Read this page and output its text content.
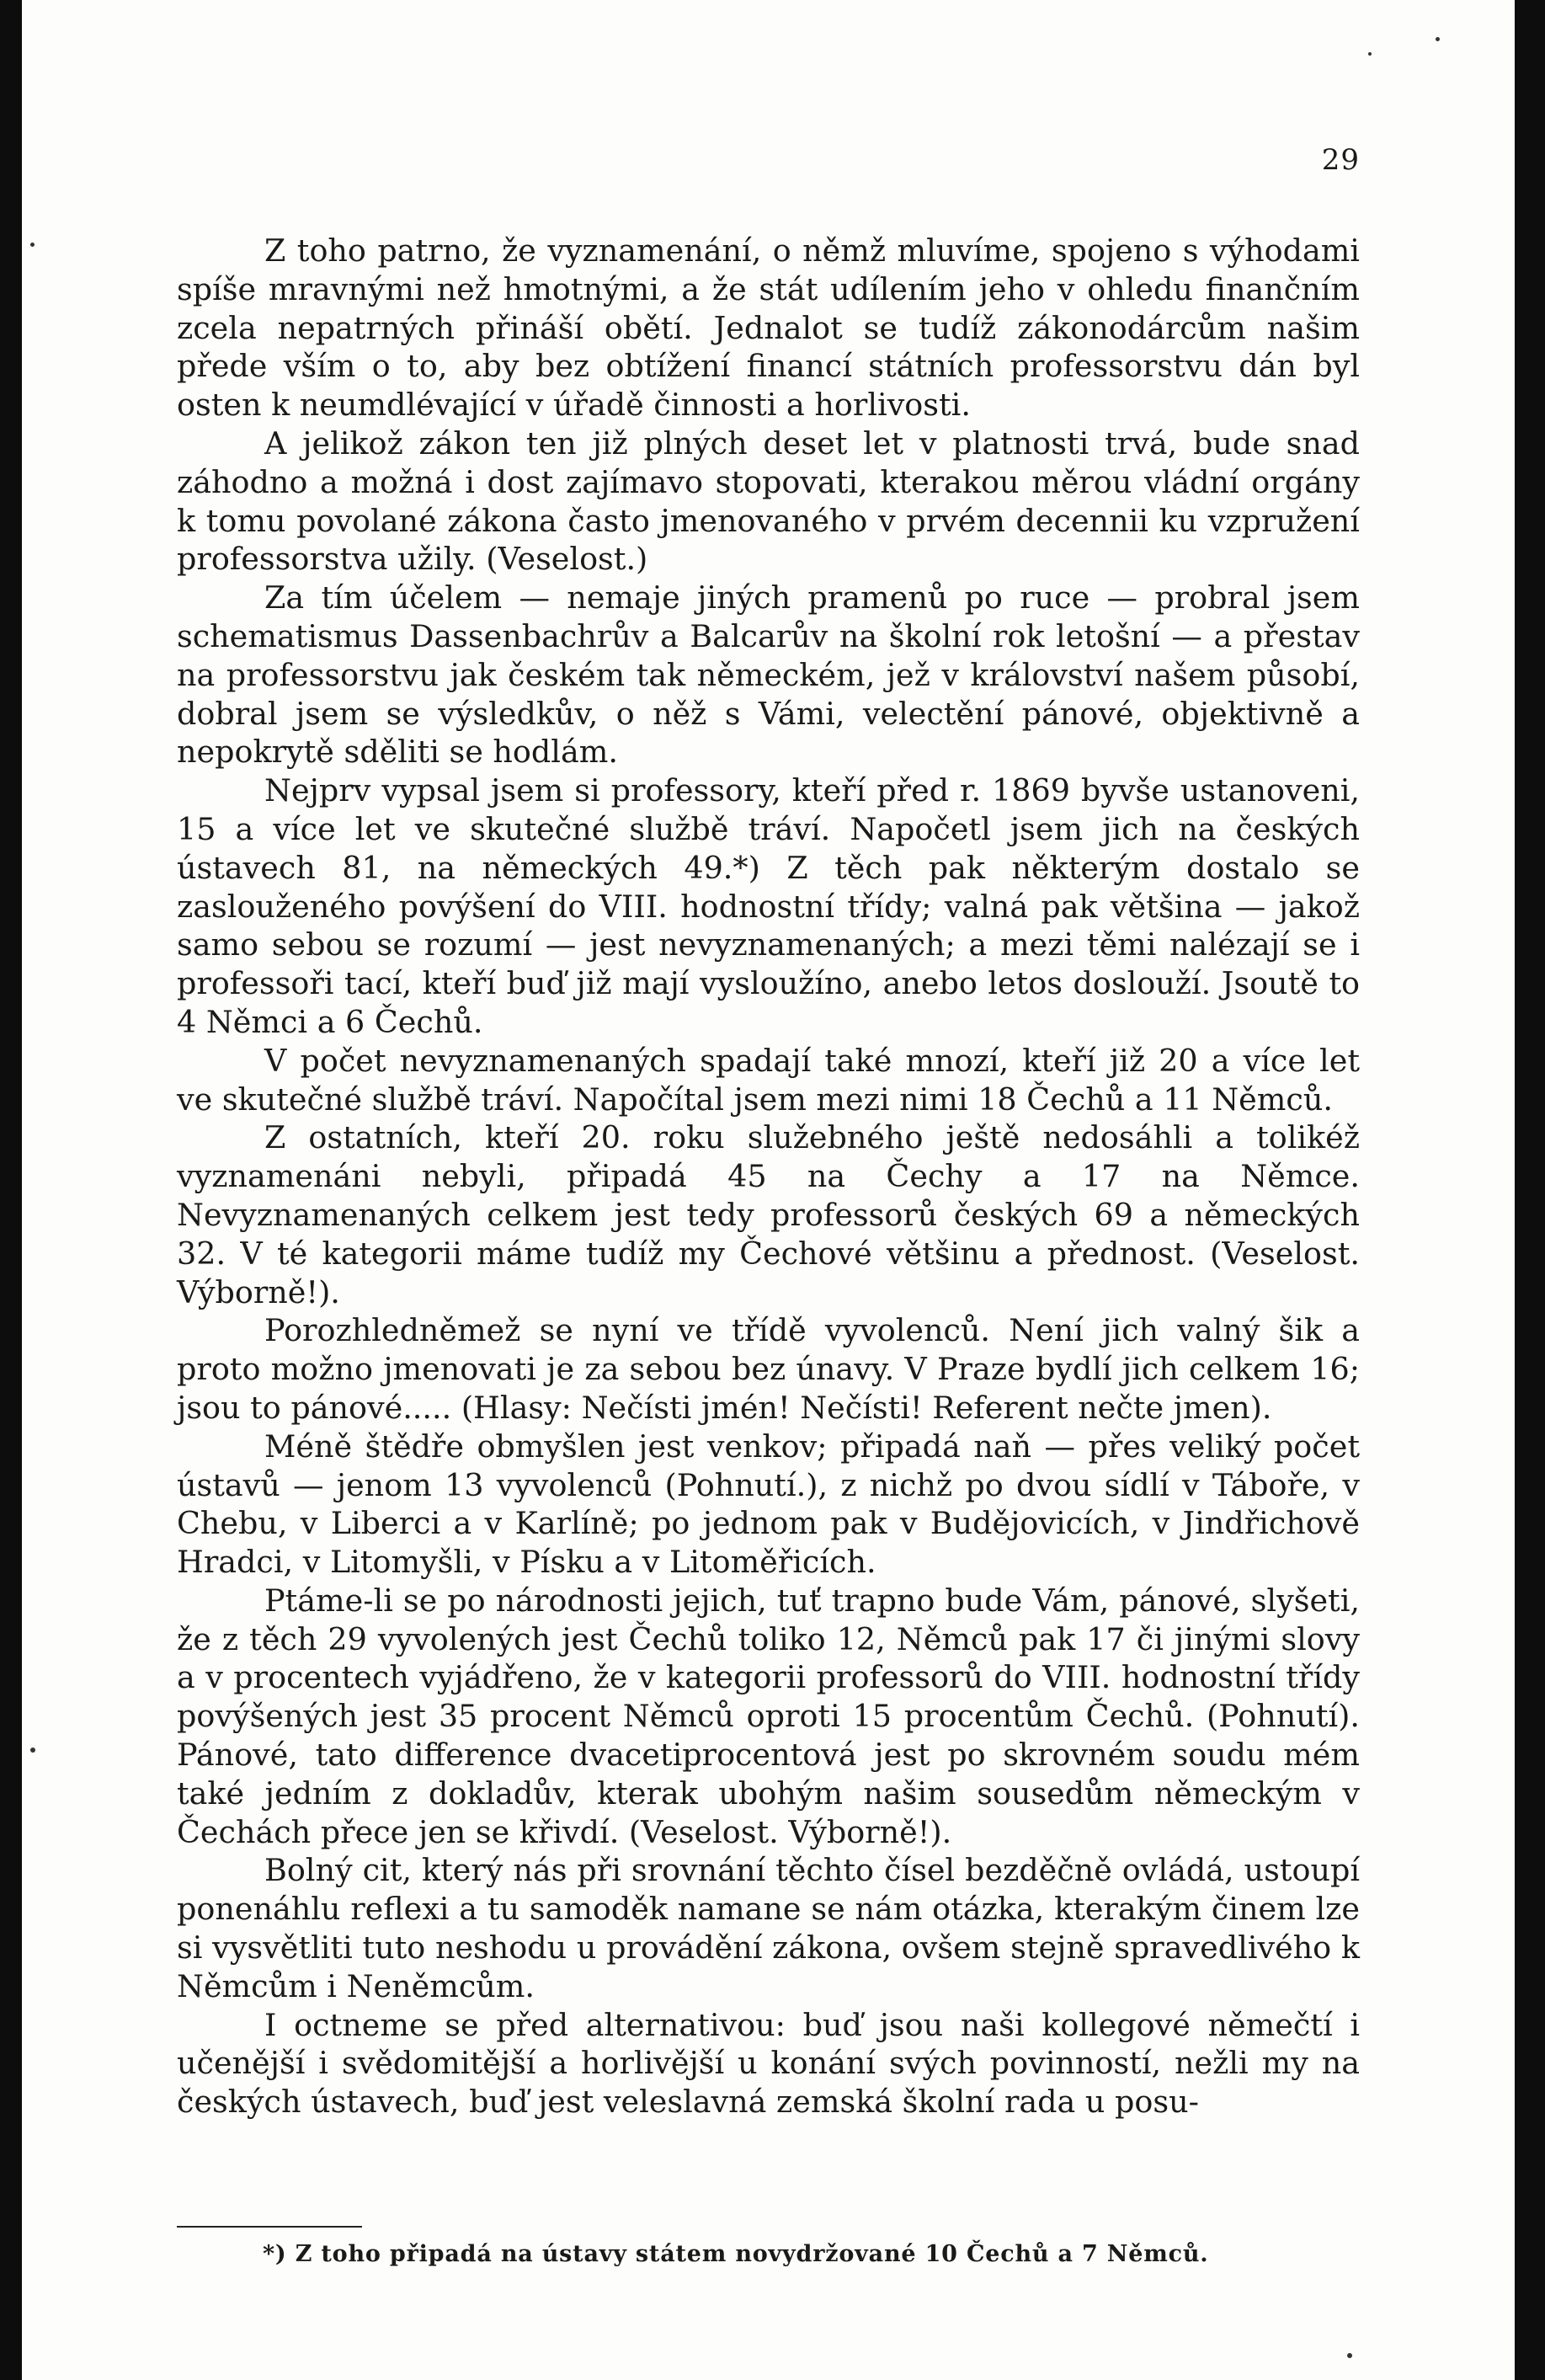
29

Z toho patrno, že vyznamenání, o němž mluvíme, spojeno s výhodami spíše mravnými než hmotnými, a že stát udílením jeho v ohledu finančním zcela nepatrných přináší obětí. Jednalot se tudíž zákonodárcům našim přede vším o to, aby bez obtížení financí státních professorstvu dán byl osten k neumdlévající v úřadě činnosti a horlivosti.

A jelikož zákon ten již plných deset let v platnosti trvá, bude snad záhodno a možná i dost zajímavo stopovati, kterakou měrou vládní orgány k tomu povolané zákona často jmenovaného v prvém decennii ku vzpružení professorstva užily. (Veselost.)

Za tím účelem — nemaje jiných pramenů po ruce — probral jsem schematismus Dassenbachrův a Balcarův na školní rok letošní — a přestav na professorstvu jak českém tak německém, jež v království našem působí, dobral jsem se výsledkův, o něž s Vámi, velectění pánové, objektivně a nepokrytě sděliti se hodlám.

Nejprv vypsal jsem si professory, kteří před r. 1869 byvše ustanoveni, 15 a více let ve skutečné službě tráví. Napočetl jsem jich na českých ústavech 81, na německých 49.*) Z těch pak některým dostalo se zaslouženého povýšení do VIII. hodnostní třídy; valná pak většina — jakož samo sebou se rozumí — jest nevyznamenaných; a mezi těmi nalézají se i professoři tací, kteří buď již mají vysloužíno, anebo letos doslouží. Jsoutě to 4 Němci a 6 Čechů.

V počet nevyznamenaných spadají také mnozí, kteří již 20 a více let ve skutečné službě tráví. Napočítal jsem mezi nimi 18 Čechů a 11 Němců.

Z ostatních, kteří 20. roku služebného ještě nedosáhli a tolikéž vyznamenáni nebyli, připadá 45 na Čechy a 17 na Němce. Nevyznamenaných celkem jest tedy professorů českých 69 a německých 32. V té kategorii máme tudíž my Čechové většinu a přednost. (Veselost. Výborně!).

Porozhledněmež se nyní ve třídě vyvolenců. Není jich valný šik a proto možno jmenovati je za sebou bez únavy. V Praze bydlí jich celkem 16; jsou to pánové..... (Hlasy: Nečísti jmén! Nečísti! Referent nečte jmen).

Méně štědře obmyšlen jest venkov; připadá naň — přes veliký počet ústavů — jenom 13 vyvolenců (Pohnutí.), z nichž po dvou sídlí v Táboře, v Chebu, v Liberci a v Karlíně; po jednom pak v Budějovicích, v Jindřichově Hradci, v Litomyšli, v Písku a v Litoměřicích.

Ptáme-li se po národnosti jejich, tuť trapno bude Vám, pánové, slyšeti, že z těch 29 vyvolených jest Čechů toliko 12, Němců pak 17 či jinými slovy a v procentech vyjádřeno, že v kategorii professorů do VIII. hodnostní třídy povýšených jest 35 procent Němců oproti 15 procentům Čechů. (Pohnutí). Pánové, tato difference dvacetiprocentová jest po skrovném soudu mém také jedním z dokladův, kterak ubohým našim sousedům německým v Čechách přece jen se křivdí. (Veselost. Výborně!).

Bolný cit, který nás při srovnání těchto čísel bezděčně ovládá, ustoupí ponenáhlu reflexi a tu samoděk namane se nám otázka, kterakým činem lze si vysvětliti tuto neshodu u provádění zákona, ovšem stejně spravedlivého k Němcům i Neněmcům.

I octneme se před alternativou: buď jsou naši kollegové němečtí i učenější i svědomitější a horlivější u konání svých povinností, nežli my na českých ústavech, buď jest veleslavná zemská školní rada u posu-

*) Z toho připadá na ústavy státem novydržované 10 Čechů a 7 Němců.
